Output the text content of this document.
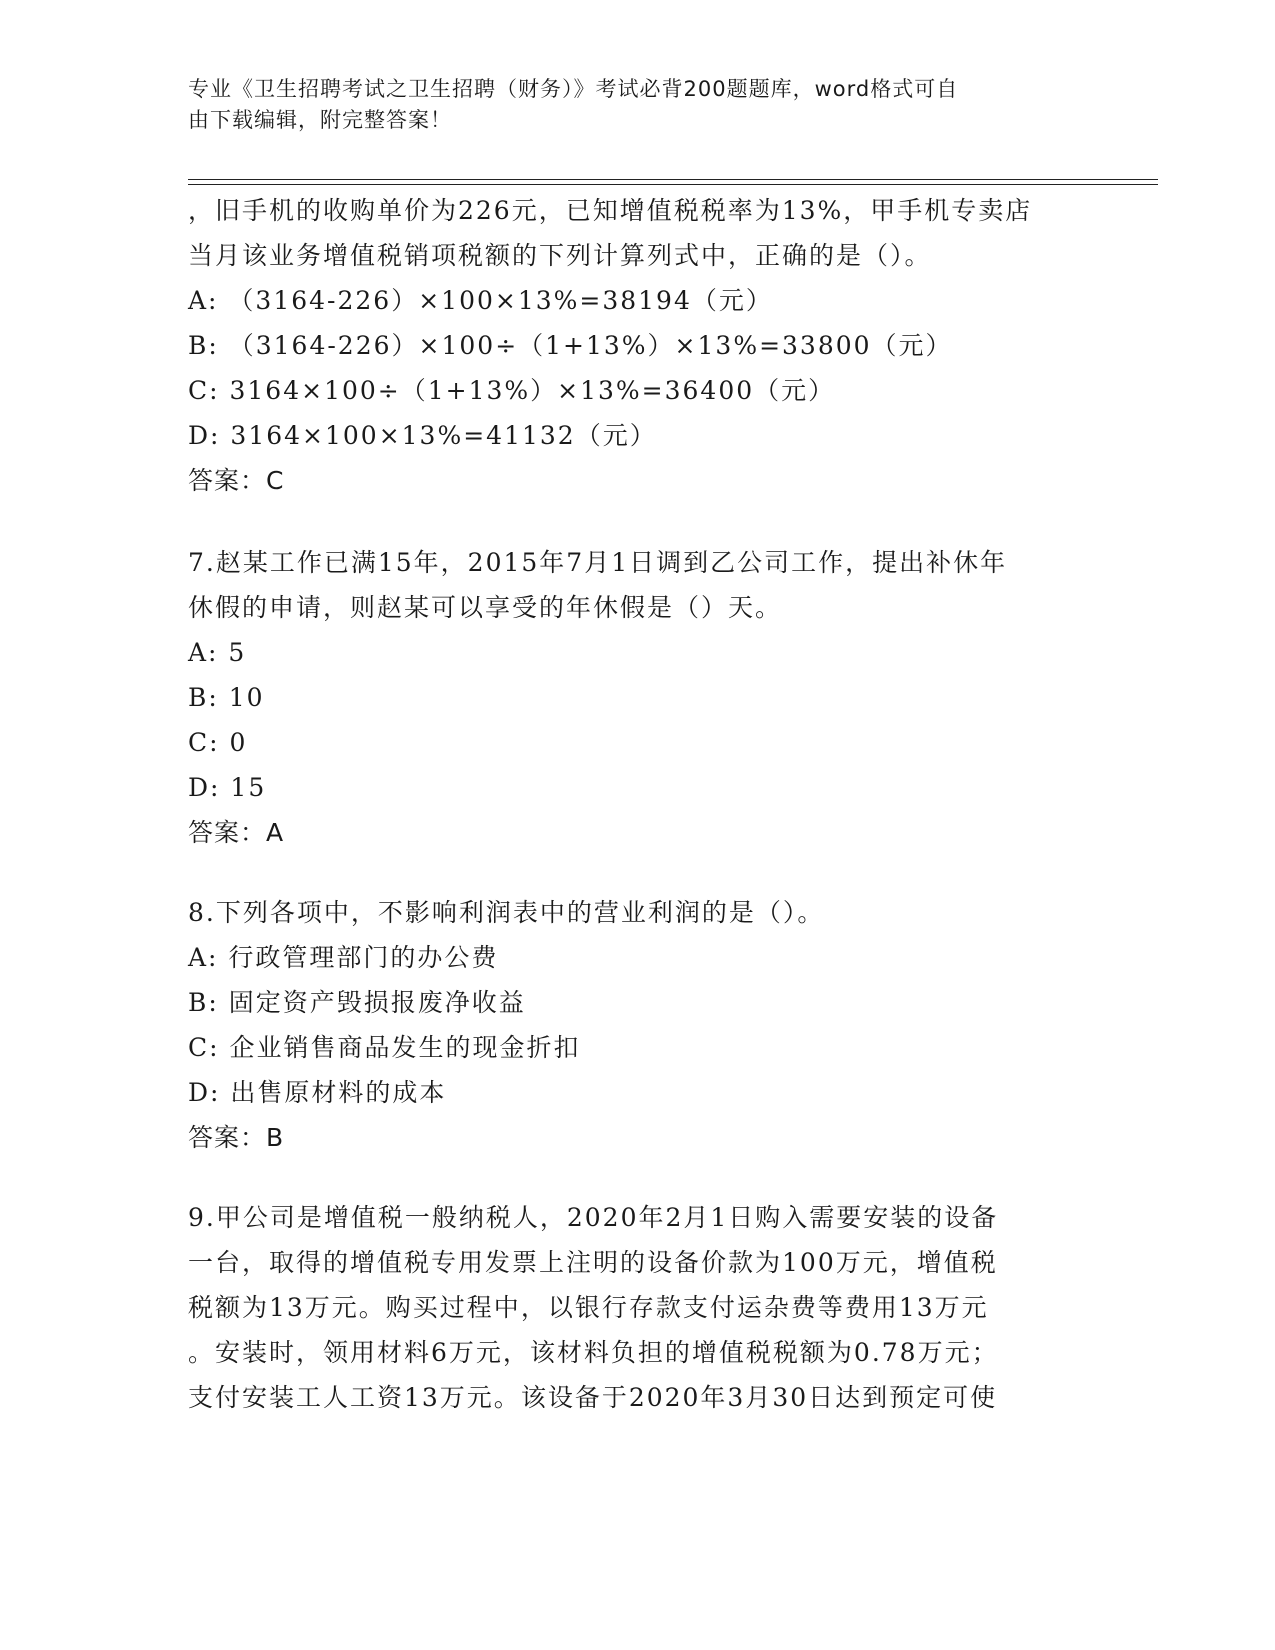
专业《卫生招聘考试之卫生招聘（财务）》考试必背200题题库，word格式可自
由下载编辑，附完整答案！
，旧手机的收购单价为226元，已知增值税税率为13%，甲手机专卖店
当月该业务增值税销项税额的下列计算列式中，正确的是（）。
A: （3164-226）×100×13%=38194（元）
B: （3164-226）×100÷（1+13%）×13%=33800（元）
C: 3164×100÷（1+13%）×13%=36400（元）
D: 3164×100×13%=41132（元）
答案：C
7.赵某工作已满15年，2015年7月1日调到乙公司工作，提出补休年
休假的申请，则赵某可以享受的年休假是（）天。
A: 5
B: 10
C: 0
D: 15
答案：A
8.下列各项中，不影响利润表中的营业利润的是（）。
A: 行政管理部门的办公费
B: 固定资产毁损报废净收益
C: 企业销售商品发生的现金折扣
D: 出售原材料的成本
答案：B
9.甲公司是增值税一般纳税人，2020年2月1日购入需要安装的设备
一台，取得的增值税专用发票上注明的设备价款为100万元，增值税
税额为13万元。购买过程中，以银行存款支付运杂费等费用13万元
。安装时，领用材料6万元，该材料负担的增值税税额为0.78万元；
支付安装工人工资13万元。该设备于2020年3月30日达到预定可使
